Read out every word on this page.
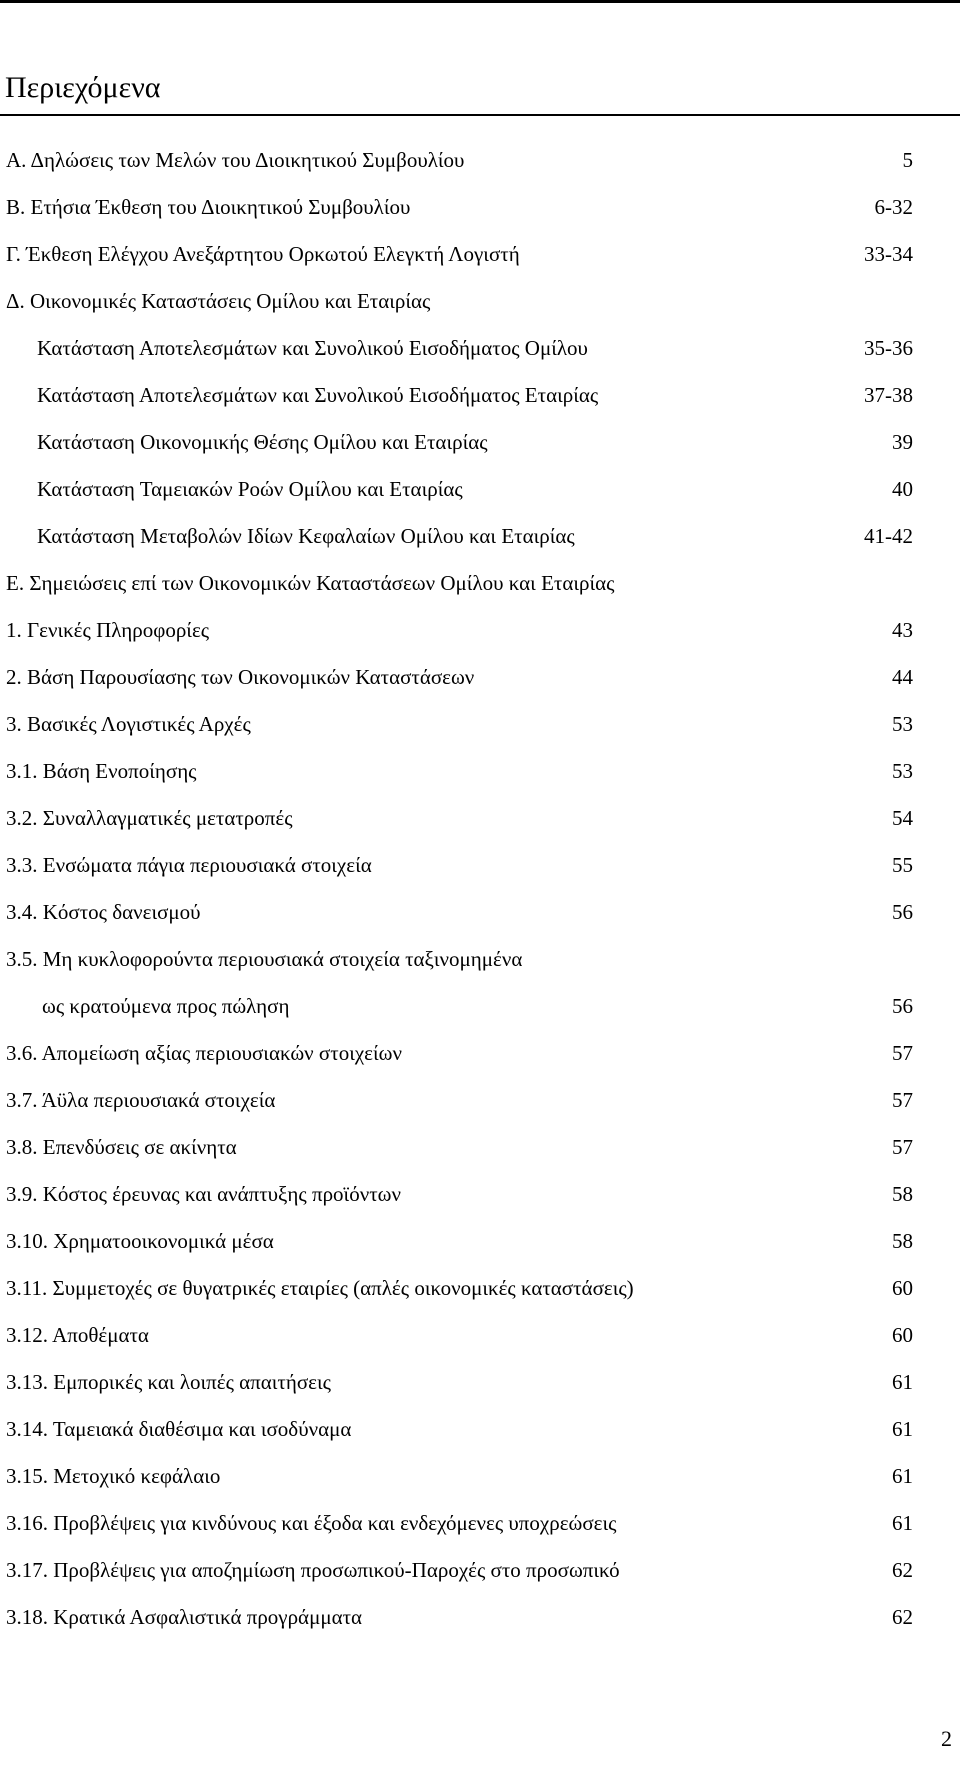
Περιεχόμενα
Α. Δηλώσεις των Μελών του Διοικητικού Συμβουλίου	5
Β. Ετήσια Έκθεση του Διοικητικού Συμβουλίου	6-32
Γ. Έκθεση Ελέγχου Ανεξάρτητου Ορκωτού Ελεγκτή Λογιστή	33-34
Δ. Οικονομικές Καταστάσεις Ομίλου και Εταιρίας
Κατάσταση Αποτελεσμάτων και Συνολικού Εισοδήματος Ομίλου	35-36
Κατάσταση Αποτελεσμάτων και Συνολικού Εισοδήματος Εταιρίας	37-38
Κατάσταση Οικονομικής Θέσης Ομίλου και Εταιρίας	39
Κατάσταση Ταμειακών Ροών Ομίλου και Εταιρίας	40
Κατάσταση Μεταβολών Ιδίων Κεφαλαίων Ομίλου και Εταιρίας	41-42
Ε. Σημειώσεις επί των Οικονομικών Καταστάσεων Ομίλου και Εταιρίας
1. Γενικές Πληροφορίες	43
2. Βάση Παρουσίασης των Οικονομικών Καταστάσεων	44
3. Βασικές Λογιστικές Αρχές	53
3.1. Βάση Ενοποίησης	53
3.2. Συναλλαγματικές μετατροπές	54
3.3. Ενσώματα πάγια περιουσιακά στοιχεία	55
3.4. Κόστος δανεισμού	56
3.5. Μη κυκλοφορούντα περιουσιακά στοιχεία ταξινομημένα
ως κρατούμενα προς πώληση	56
3.6. Απομείωση αξίας περιουσιακών στοιχείων	57
3.7. Άϋλα περιουσιακά στοιχεία	57
3.8. Επενδύσεις σε ακίνητα	57
3.9. Κόστος έρευνας και ανάπτυξης προϊόντων	58
3.10. Χρηματοοικονομικά μέσα	58
3.11. Συμμετοχές σε θυγατρικές εταιρίες (απλές οικονομικές καταστάσεις)	60
3.12. Αποθέματα	60
3.13. Εμπορικές και λοιπές απαιτήσεις	61
3.14. Ταμειακά διαθέσιμα και ισοδύναμα	61
3.15. Μετοχικό κεφάλαιο	61
3.16. Προβλέψεις για κινδύνους και έξοδα και ενδεχόμενες υποχρεώσεις	61
3.17. Προβλέψεις για αποζημίωση προσωπικού-Παροχές στο προσωπικό	62
3.18. Κρατικά Ασφαλιστικά προγράμματα	62
2
